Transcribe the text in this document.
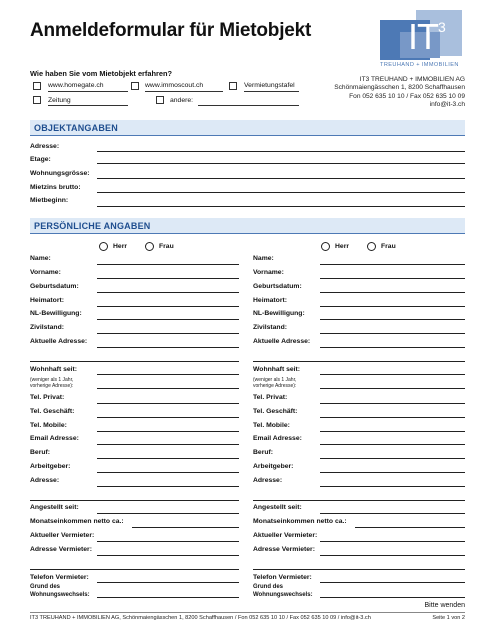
Anmeldeformular für Mietobjekt	$IT^3$
TREUHAND + IMMOBILIEN
IT3 TREUHAND + IMMOBILIEN AG
Schönmaiengässchen 1, 8200 Schaffhausen
Fon 052 635 10 10 / Fax 052 635 10 09
info@it-3.ch
Wie haben Sie vom Mietobjekt erfahren?
www.homegate.ch	www.immoscout.ch	Vermietungstafel
Zeitung	andere:
OBJEKTANGABEN
Adresse:
Etage:
Wohnungsgrösse:
Mietzins brutto:
Mietbeginn:
PERSÖNLICHE ANGABEN
Herr	Frau	Herr	Frau
Name:
Vorname:
Geburtsdatum:
Heimatort:
NL-Bewilligung:
Zivilstand:
Aktuelle Adresse:
Name:
Vorname:
Geburtsdatum:
Heimatort:
NL-Bewilligung:
Zivilstand:
Aktuelle Adresse:
Wohnhaft seit:
(weniger als 1 Jahr,
vorherige Adresse):
Wohnhaft seit:
(weniger als 1 Jahr,
vorherige Adresse):
Tel. Privat:
Tel. Geschäft:
Tel. Mobile:
Email Adresse:
Beruf:
Arbeitgeber:
Adresse:
Tel. Privat:
Tel. Geschäft:
Tel. Mobile:
Email Adresse:
Beruf:
Arbeitgeber:
Adresse:
Angestellt seit:
Monatseinkommen netto ca.:
Aktueller Vermieter:
Adresse Vermieter:
Angestellt seit:
Monatseinkommen netto ca.:
Aktueller Vermieter:
Adresse Vermieter:
Telefon Vermieter:
Grund des
Wohnungswechsels:
Telefon Vermieter:
Grund des
Wohnungswechsels:
Bitte wenden
IT3 TREUHAND + IMMOBILIEN AG, Schönmaiengässchen 1, 8200 Schaffhausen / Fon 052 635 10 10 / Fax 052 635 10 09 / info@it-3.ch	Seite 1 von 2
